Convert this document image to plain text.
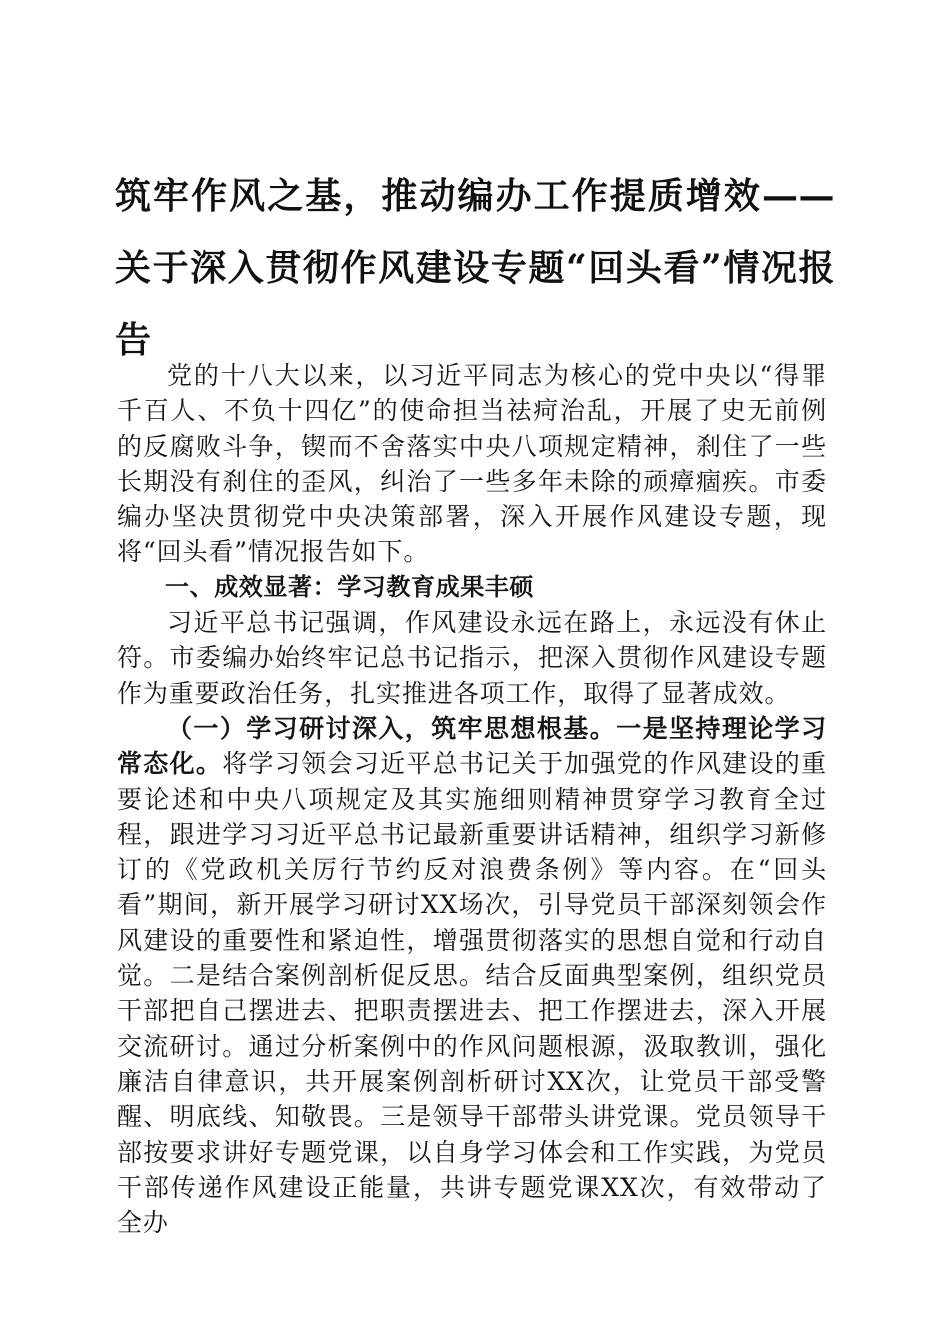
筑牢作风之基，推动编办工作提质增效——关于深入贯彻作风建设专题“回头看”情况报告

党的十八大以来，以习近平同志为核心的党中央以“得罪千百人、不负十四亿”的使命担当祛疴治乱，开展了史无前例的反腐败斗争，锲而不舍落实中央八项规定精神，刹住了一些长期没有刹住的歪风，纠治了一些多年未除的顽瘴痼疾。市委编办坚决贯彻党中央决策部署，深入开展作风建设专题，现将“回头看”情况报告如下。

一、成效显著：学习教育成果丰硕

习近平总书记强调，作风建设永远在路上，永远没有休止符。市委编办始终牢记总书记指示，把深入贯彻作风建设专题作为重要政治任务，扎实推进各项工作，取得了显著成效。

（一）学习研讨深入，筑牢思想根基。一是坚持理论学习常态化。将学习领会习近平总书记关于加强党的作风建设的重要论述和中央八项规定及其实施细则精神贯穿学习教育全过程，跟进学习习近平总书记最新重要讲话精神，组织学习新修订的《党政机关厉行节约反对浪费条例》等内容。在“回头看”期间，新开展学习研讨XX场次，引导党员干部深刻领会作风建设的重要性和紧迫性，增强贯彻落实的思想自觉和行动自觉。二是结合案例剖析促反思。结合反面典型案例，组织党员干部把自己摆进去、把职责摆进去、把工作摆进去，深入开展交流研讨。通过分析案例中的作风问题根源，汲取教训，强化廉洁自律意识，共开展案例剖析研讨XX次，让党员干部受警醒、明底线、知敬畏。三是领导干部带头讲党课。党员领导干部按要求讲好专题党课，以自身学习体会和工作实践，为党员干部传递作风建设正能量，共讲专题党课XX次，有效带动了全办
